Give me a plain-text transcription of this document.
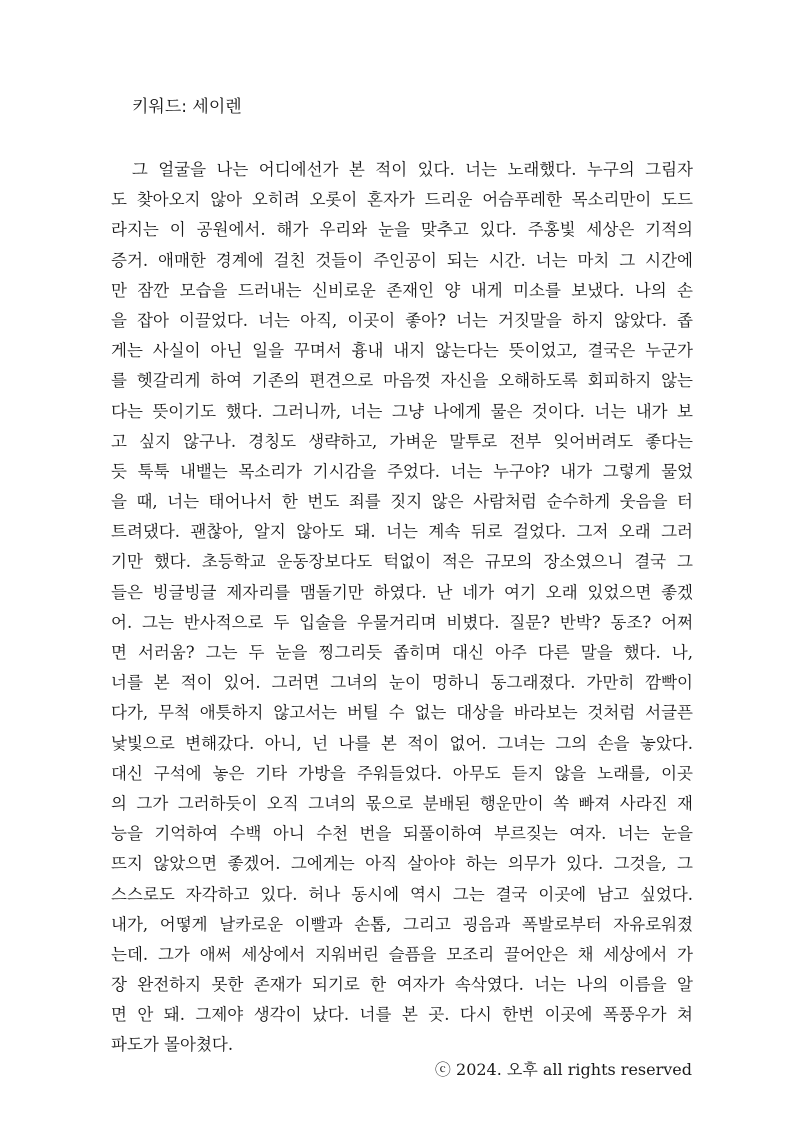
키워드: 세이렌
그 얼굴을 나는 어디에선가 본 적이 있다. 너는 노래했다. 누구의 그림자
도 찾아오지 않아 오히려 오롯이 혼자가 드리운 어슴푸레한 목소리만이 도드
라지는 이 공원에서. 해가 우리와 눈을 맞추고 있다. 주홍빛 세상은 기적의
증거. 애매한 경계에 걸친 것들이 주인공이 되는 시간. 너는 마치 그 시간에
만 잠깐 모습을 드러내는 신비로운 존재인 양 내게 미소를 보냈다. 나의 손
을 잡아 이끌었다. 너는 아직, 이곳이 좋아? 너는 거짓말을 하지 않았다. 좁
게는 사실이 아닌 일을 꾸며서 흉내 내지 않는다는 뜻이었고, 결국은 누군가
를 헷갈리게 하여 기존의 편견으로 마음껏 자신을 오해하도록 회피하지 않는
다는 뜻이기도 했다. 그러니까, 너는 그냥 나에게 물은 것이다. 너는 내가 보
고 싶지 않구나. 경칭도 생략하고, 가벼운 말투로 전부 잊어버려도 좋다는
듯 툭툭 내뱉는 목소리가 기시감을 주었다. 너는 누구야? 내가 그렇게 물었
을 때, 너는 태어나서 한 번도 죄를 짓지 않은 사람처럼 순수하게 웃음을 터
트려댔다. 괜찮아, 알지 않아도 돼. 너는 계속 뒤로 걸었다. 그저 오래 그러
기만 했다. 초등학교 운동장보다도 턱없이 적은 규모의 장소였으니 결국 그
들은 빙글빙글 제자리를 맴돌기만 하였다. 난 네가 여기 오래 있었으면 좋겠
어. 그는 반사적으로 두 입술을 우물거리며 비볐다. 질문? 반박? 동조? 어쩌
면 서러움? 그는 두 눈을 찡그리듯 좁히며 대신 아주 다른 말을 했다. 나,
너를 본 적이 있어. 그러면 그녀의 눈이 멍하니 동그래졌다. 가만히 깜빡이
다가, 무척 애틋하지 않고서는 버틸 수 없는 대상을 바라보는 것처럼 서글픈
낯빛으로 변해갔다. 아니, 넌 나를 본 적이 없어. 그녀는 그의 손을 놓았다.
대신 구석에 놓은 기타 가방을 주워들었다. 아무도 듣지 않을 노래를, 이곳
의 그가 그러하듯이 오직 그녀의 몫으로 분배된 행운만이 쏙 빠져 사라진 재
능을 기억하여 수백 아니 수천 번을 되풀이하여 부르짖는 여자. 너는 눈을
뜨지 않았으면 좋겠어. 그에게는 아직 살아야 하는 의무가 있다. 그것을, 그
스스로도 자각하고 있다. 허나 동시에 역시 그는 결국 이곳에 남고 싶었다.
내가, 어떻게 날카로운 이빨과 손톱, 그리고 굉음과 폭발로부터 자유로워졌
는데. 그가 애써 세상에서 지워버린 슬픔을 모조리 끌어안은 채 세상에서 가
장 완전하지 못한 존재가 되기로 한 여자가 속삭였다. 너는 나의 이름을 알
면 안 돼. 그제야 생각이 났다. 너를 본 곳. 다시 한번 이곳에 폭풍우가 쳐
파도가 몰아쳤다.
ⓒ 2024. 오후 all rights reserved
